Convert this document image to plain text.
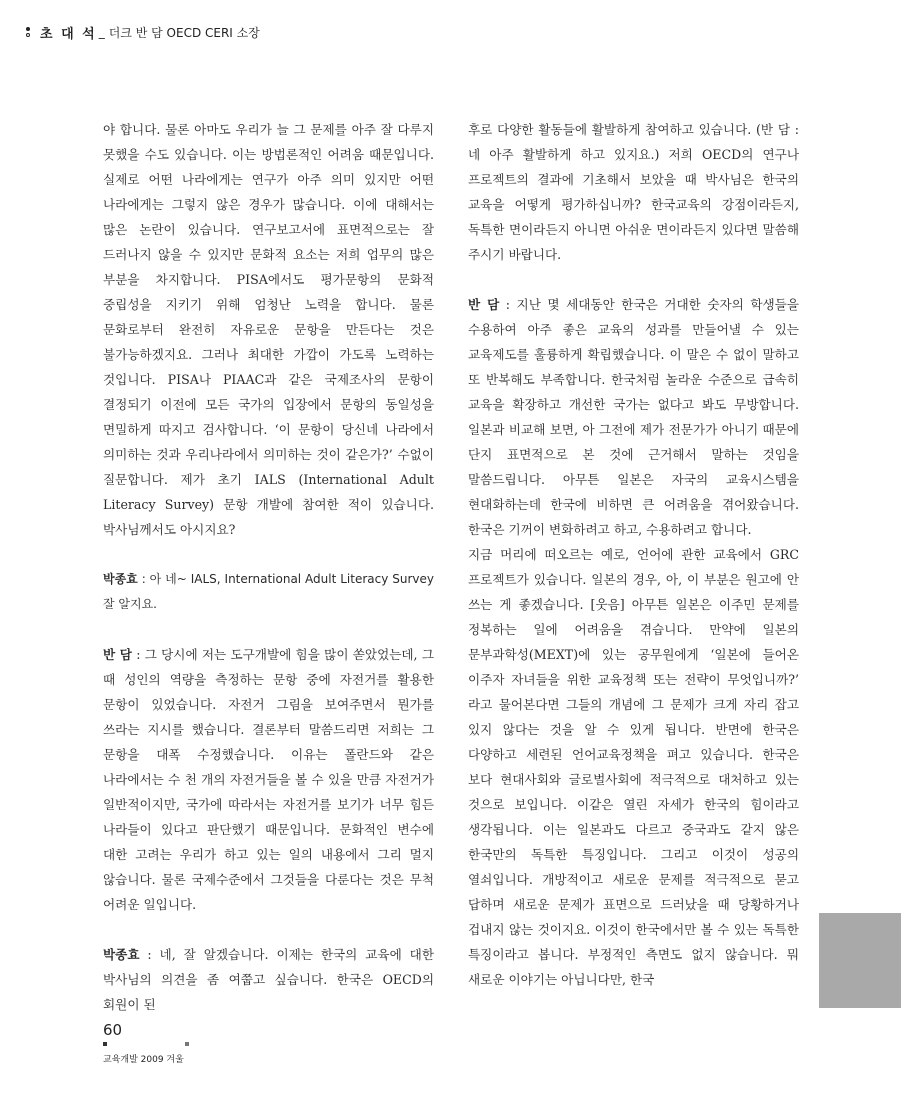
초 대 석 _ 더크 반 담 OECD CERI 소장

야 합니다. 물론 아마도 우리가 늘 그 문제를 아주 잘 다루지 못했을 수도 있습니다. 이는 방법론적인 어려움 때문입니다. 실제로 어떤 나라에게는 연구가 아주 의미 있지만 어떤 나라에게는 그렇지 않은 경우가 많습니다. 이에 대해서는 많은 논란이 있습니다. 연구보고서에 표면적으로는 잘 드러나지 않을 수 있지만 문화적 요소는 저희 업무의 많은 부분을 차지합니다. PISA에서도 평가문항의 문화적 중립성을 지키기 위해 엄청난 노력을 합니다. 물론 문화로부터 완전히 자유로운 문항을 만든다는 것은 불가능하겠지요. 그러나 최대한 가깝이 가도록 노력하는 것입니다. PISA나 PIAAC과 같은 국제조사의 문항이 결정되기 이전에 모든 국가의 입장에서 문항의 동일성을 면밀하게 따지고 검사합니다. ‘이 문항이 당신네 나라에서 의미하는 것과 우리나라에서 의미하는 것이 같은가?’ 수없이 질문합니다. 제가 초기 IALS (International Adult Literacy Survey) 문항 개발에 참여한 적이 있습니다. 박사님께서도 아시지요?

박종효 : 아 네~ IALS, International Adult Literacy Survey 잘 알지요.

반 담 : 그 당시에 저는 도구개발에 힘을 많이 쏟았었는데, 그 때 성인의 역량을 측정하는 문항 중에 자전거를 활용한 문항이 있었습니다. 자전거 그림을 보여주면서 뭔가를 쓰라는 지시를 했습니다. 결론부터 말씀드리면 저희는 그 문항을 대폭 수정했습니다. 이유는 폴란드와 같은 나라에서는 수 천 개의 자전거들을 볼 수 있을 만큼 자전거가 일반적이지만, 국가에 따라서는 자전거를 보기가 너무 힘든 나라들이 있다고 판단했기 때문입니다. 문화적인 변수에 대한 고려는 우리가 하고 있는 일의 내용에서 그리 멀지 않습니다. 물론 국제수준에서 그것들을 다룬다는 것은 무척 어려운 일입니다.

박종효 : 네, 잘 알겠습니다. 이제는 한국의 교육에 대한 박사님의 의견을 좀 여쭙고 싶습니다. 한국은 OECD의 회원이 된

후로 다양한 활동들에 활발하게 참여하고 있습니다. (반 담 : 네 아주 활발하게 하고 있지요.) 저희 OECD의 연구나 프로젝트의 결과에 기초해서 보았을 때 박사님은 한국의 교육을 어떻게 평가하십니까? 한국교육의 강점이라든지, 독특한 면이라든지 아니면 아쉬운 면이라든지 있다면 말씀해 주시기 바랍니다.

반 담 : 지난 몇 세대동안 한국은 거대한 숫자의 학생들을 수용하여 아주 좋은 교육의 성과를 만들어낼 수 있는 교육제도를 훌륭하게 확립했습니다. 이 말은 수 없이 말하고 또 반복해도 부족합니다. 한국처럼 놀라운 수준으로 급속히 교육을 확장하고 개선한 국가는 없다고 봐도 무방합니다. 일본과 비교해 보면, 아 그전에 제가 전문가가 아니기 때문에 단지 표면적으로 본 것에 근거해서 말하는 것임을 말씀드립니다. 아무튼 일본은 자국의 교육시스템을 현대화하는데 한국에 비하면 큰 어려움을 겪어왔습니다. 한국은 기꺼이 변화하려고 하고, 수용하려고 합니다.

지금 머리에 떠오르는 예로, 언어에 관한 교육에서 GRC 프로젝트가 있습니다. 일본의 경우, 아, 이 부분은 원고에 안 쓰는 게 좋겠습니다. [웃음] 아무튼 일본은 이주민 문제를 정복하는 일에 어려움을 겪습니다. 만약에 일본의 문부과학성(MEXT)에 있는 공무원에게 ‘일본에 들어온 이주자 자녀들을 위한 교육정책 또는 전략이 무엇입니까?’ 라고 물어본다면 그들의 개념에 그 문제가 크게 자리 잡고 있지 않다는 것을 알 수 있게 됩니다. 반면에 한국은 다양하고 세련된 언어교육정책을 펴고 있습니다. 한국은 보다 현대사회와 글로벌사회에 적극적으로 대처하고 있는 것으로 보입니다. 이같은 열린 자세가 한국의 힘이라고 생각됩니다. 이는 일본과도 다르고 중국과도 같지 않은 한국만의 독특한 특징입니다. 그리고 이것이 성공의 열쇠입니다. 개방적이고 새로운 문제를 적극적으로 묻고 답하며 새로운 문제가 표면으로 드러났을 때 당황하거나 겁내지 않는 것이지요. 이것이 한국에서만 볼 수 있는 독특한 특징이라고 봅니다. 부정적인 측면도 없지 않습니다. 뭐 새로운 이야기는 아닙니다만, 한국

60
교육개발 2009 겨울
